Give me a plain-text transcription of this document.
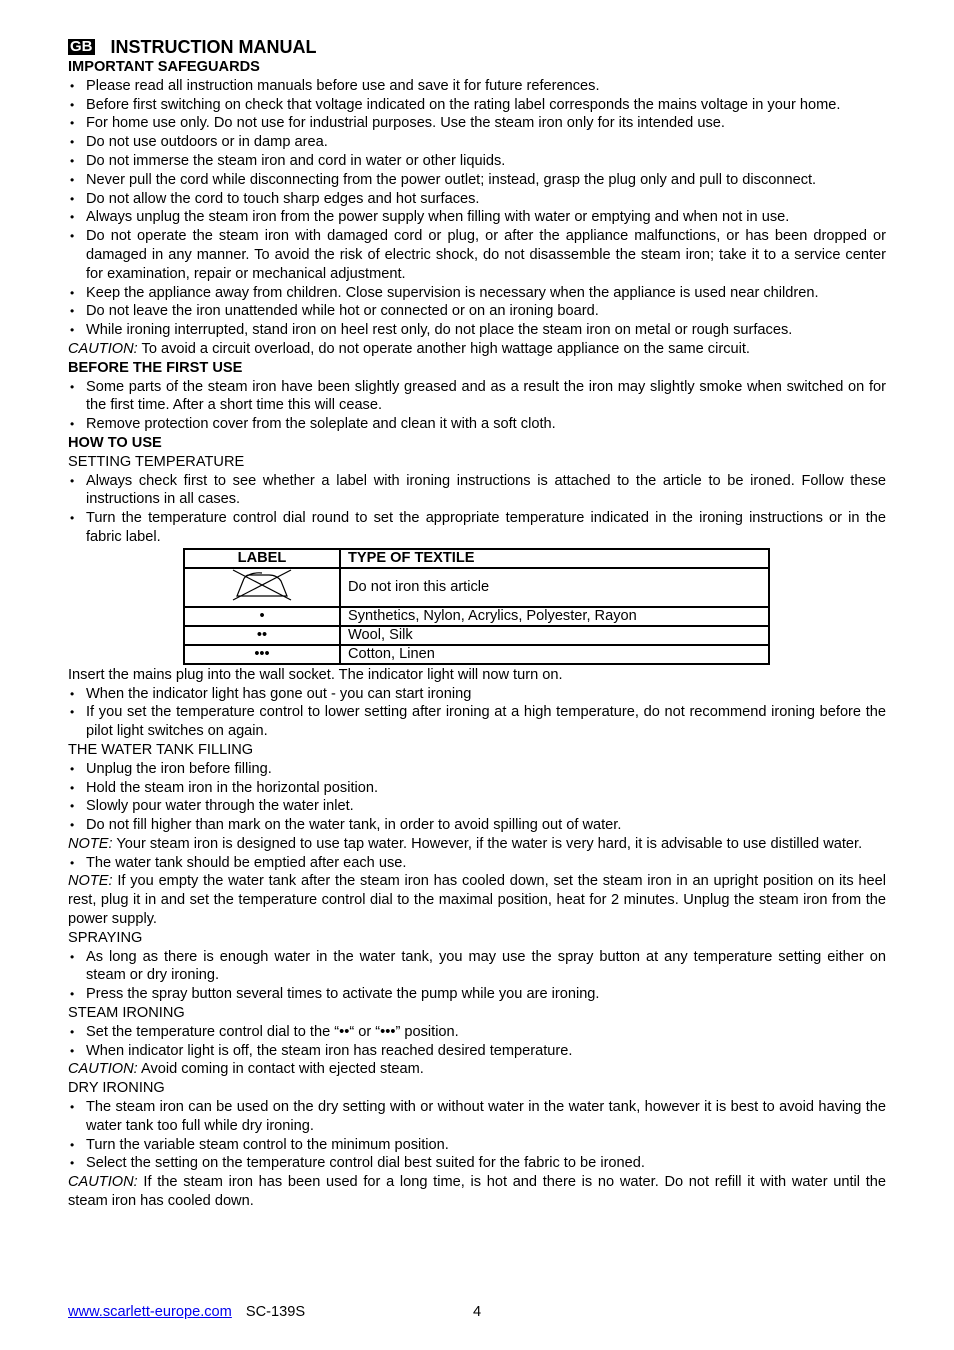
GB INSTRUCTION MANUAL
IMPORTANT SAFEGUARDS
• Please read all instruction manuals before use and save it for future references.
• Before first switching on check that voltage indicated on the rating label corresponds the mains voltage in your home.
• For home use only. Do not use for industrial purposes. Use the steam iron only for its intended use.
• Do not use outdoors or in damp area.
• Do not immerse the steam iron and cord in water or other liquids.
• Never pull the cord while disconnecting from the power outlet; instead, grasp the plug only and pull to disconnect.
• Do not allow the cord to touch sharp edges and hot surfaces.
• Always unplug the steam iron from the power supply when filling with water or emptying and when not in use.
• Do not operate the steam iron with damaged cord or plug, or after the appliance malfunctions, or has been dropped or damaged in any manner. To avoid the risk of electric shock, do not disassemble the steam iron; take it to a service center for examination, repair or mechanical adjustment.
• Keep the appliance away from children. Close supervision is necessary when the appliance is used near children.
• Do not leave the iron unattended while hot or connected or on an ironing board.
• While ironing interrupted, stand iron on heel rest only, do not place the steam iron on metal or rough surfaces.

CAUTION: To avoid a circuit overload, do not operate another high wattage appliance on the same circuit.

BEFORE THE FIRST USE
• Some parts of the steam iron have been slightly greased and as a result the iron may slightly smoke when switched on for the first time. After a short time this will cease.
• Remove protection cover from the soleplate and clean it with a soft cloth.
HOW TO USE
SETTING TEMPERATURE
• Always check first to see whether a label with ironing instructions is attached to the article to be ironed. Follow these instructions in all cases.
• Turn the temperature control dial round to set the appropriate temperature indicated in the ironing instructions or in the fabric label.
LABEL	TYPE OF TEXTILE
	Do not iron this article
•	Synthetics, Nylon, Acrylics, Polyester, Rayon
••	Wool, Silk
•••	Cotton, Linen

Insert the mains plug into the wall socket. The indicator light will now turn on.

• When the indicator light has gone out - you can start ironing
• If you set the temperature control to lower setting after ironing at a high temperature, do not recommend ironing before the pilot light switches on again.
THE WATER TANK FILLING
• Unplug the iron before filling.
• Hold the steam iron in the horizontal position.
• Slowly pour water through the water inlet.
• Do not fill higher than mark on the water tank, in order to avoid spilling out of water.

NOTE: Your steam iron is designed to use tap water. However, if the water is very hard, it is advisable to use distilled water.

• The water tank should be emptied after each use.

NOTE: If you empty the water tank after the steam iron has cooled down, set the steam iron in an upright position on its heel rest, plug it in and set the temperature control dial to the maximal position, heat for 2 minutes. Unplug the steam iron from the power supply.

SPRAYING
• As long as there is enough water in the water tank, you may use the spray button at any temperature setting either on steam or dry ironing.
• Press the spray button several times to activate the pump while you are ironing.
STEAM IRONING
• Set the temperature control dial to the “••“ or “•••” position.
• When indicator light is off, the steam iron has reached desired temperature.

CAUTION: Avoid coming in contact with ejected steam.

DRY IRONING
• The steam iron can be used on the dry setting with or without water in the water tank, however it is best to avoid having the water tank too full while dry ironing.
• Turn the variable steam control to the minimum position.
• Select the setting on the temperature control dial best suited for the fabric to be ironed.

CAUTION: If the steam iron has been used for a long time, is hot and there is no water. Do not refill it with water until the steam iron has cooled down.

www.scarlett-europe.com SC-139S	4
